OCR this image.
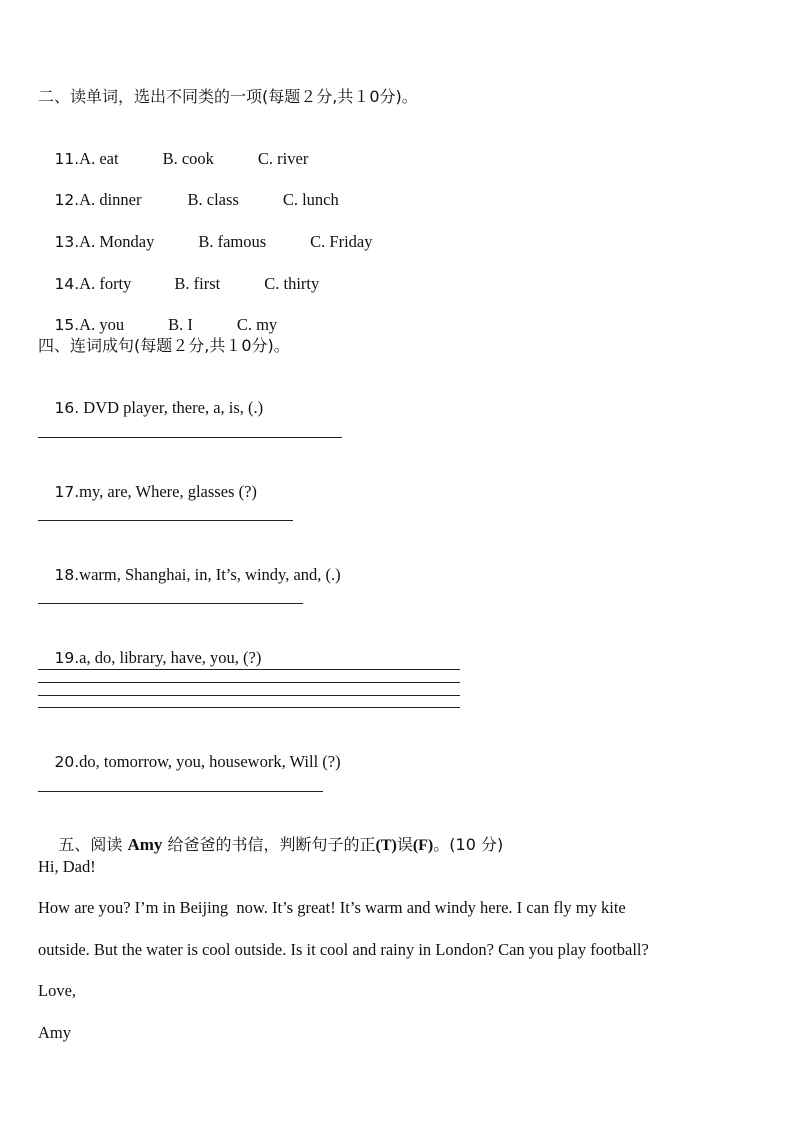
二、读单词，选出不同类的一项(每题２分,共１0分)。

11.A. eat	B. cook	C. river

12.A. dinner	B. class	C. lunch

13.A. Monday	B. famous	C. Friday

14.A. forty	B. first	C. thirty

15.A. you	B. I	C. my

四、连词成句(每题２分,共１0分)。

16. DVD player, there, a, is, (.)

17.my, are, Where, glasses (?)

18.warm, Shanghai, in, It’s, windy, and, (.)

19.a, do, library, have, you, (?)

20.do, tomorrow, you, housework, Will (?)

五、阅读 Amy 给爸爸的书信，判断句子的正(T)误(F)。(10 分)

Hi, Dad!
How are you? I’m in Beijing  now. It’s great! It’s warm and windy here. I can fly my kite
outside. But the water is cool outside. Is it cool and rainy in London? Can you play football?
Love,
Amy
